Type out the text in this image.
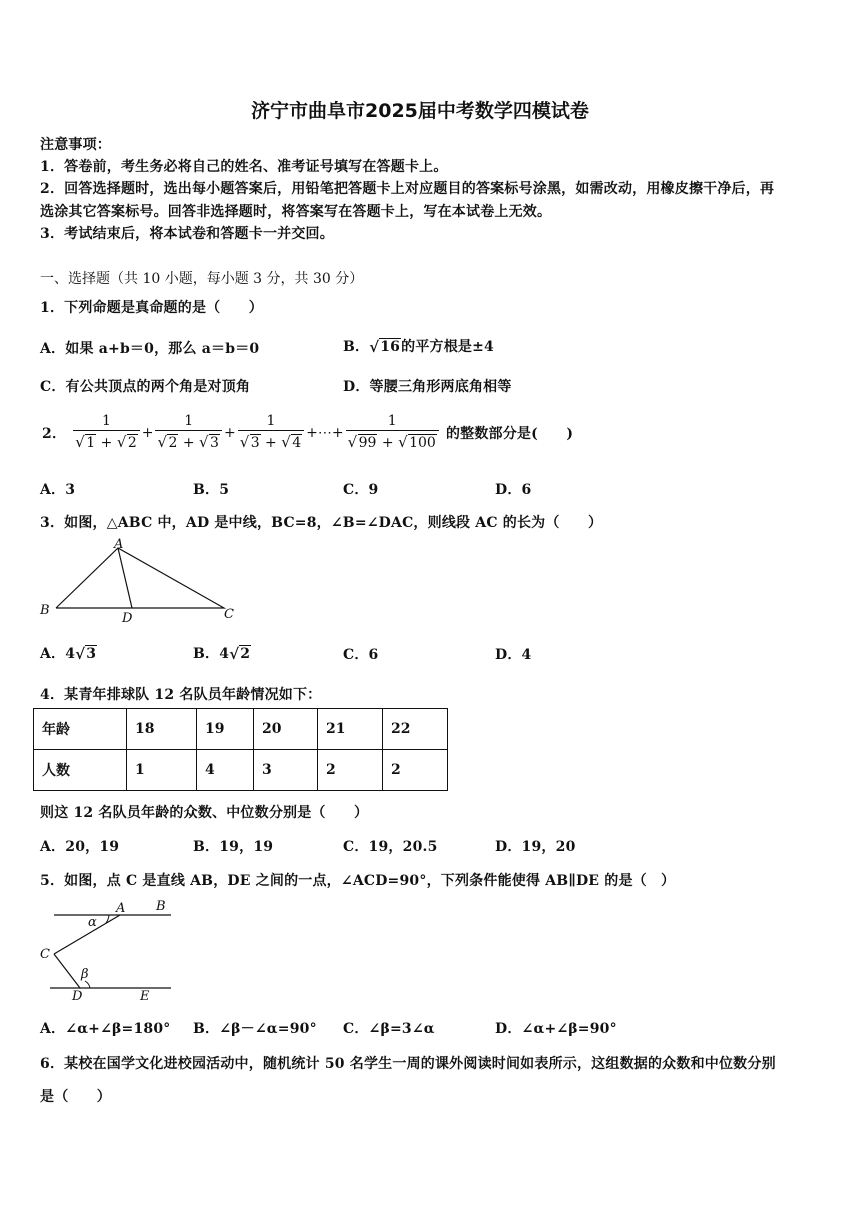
济宁市曲阜市2025届中考数学四模试卷
注意事项：
1．答卷前，考生务必将自己的姓名、准考证号填写在答题卡上。
2．回答选择题时，选出每小题答案后，用铅笔把答题卡上对应题目的答案标号涂黑，如需改动，用橡皮擦干净后，再
选涂其它答案标号。回答非选择题时，将答案写在答题卡上，写在本试卷上无效。
3．考试结束后，将本试卷和答题卡一并交回。
一、选择题（共 10 小题，每小题 3 分，共 30 分）
1．下列命题是真命题的是（　　）
A．如果 a+b＝0，那么 a＝b＝0	B． √ 16的平方根是±4
C．有公共顶点的两个角是对顶角	D．等腰三角形两底角相等
2． 1
√ 1 + √ 2 + 1
√ 2 + √ 3 + 1
√ 3 + √ 4 +⋯+ 1
√ 99 + √ 100 的整数部分是(　　)
A．3	B．5	C．9	D．6
3．如图，△ABC 中，AD 是中线，BC=8，∠B=∠DAC，则线段 AC 的长为（　　）
A
B	C
D
A．4 √ 3	B．4 √ 2	C．6	D．4
4．某青年排球队 12 名队员年龄情况如下：
年龄	18	19	20	21	22
人数	1	4	3	2	2
则这 12 名队员年龄的众数、中位数分别是（　　）
A．20，19	B．19，19	C．19，20.5	D．19，20
5．如图，点 C 是直线 AB，DE 之间的一点，∠ACD=90°，下列条件能使得 AB∥DE 的是（　）
A B
C
D	E
α
β
A．∠α+∠β=180° B．∠β－∠α=90° C．∠β=3∠α	D．∠α+∠β=90°
6．某校在国学文化进校园活动中，随机统计 50 名学生一周的课外阅读时间如表所示，这组数据的众数和中位数分别
是（　　）
